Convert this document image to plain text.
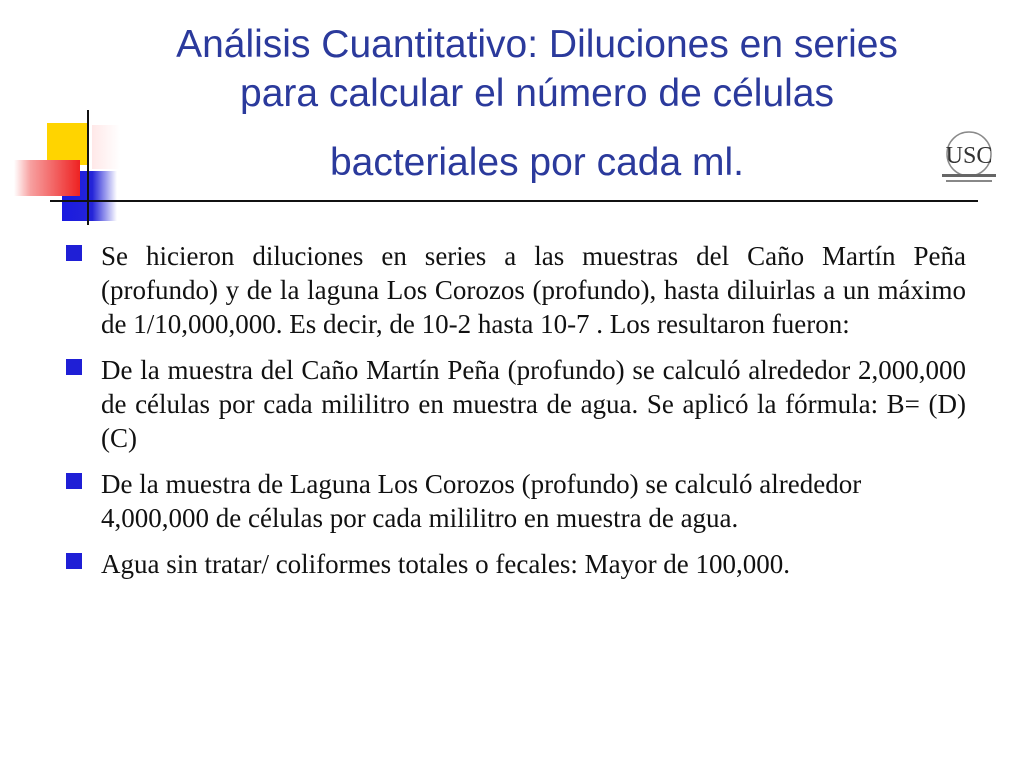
Análisis Cuantitativo: Diluciones en series
para calcular el número de células
bacteriales por cada ml.	USC
Se hicieron diluciones en series a las muestras del Caño Martín Peña (profundo) y de la laguna Los Corozos (profundo), hasta diluirlas a un máximo de 1/10,000,000. Es decir, de 10-2 hasta 10-7 . Los resultaron fueron:
De la muestra del Caño Martín Peña (profundo) se calculó alrededor 2,000,000 de células por cada mililitro en muestra de agua. Se aplicó la fórmula: B= (D) (C)
De la muestra de Laguna Los Corozos (profundo) se calculó alrededor 4,000,000 de células por cada mililitro en muestra de agua.
Agua sin tratar/ coliformes totales o fecales: Mayor de 100,000.
